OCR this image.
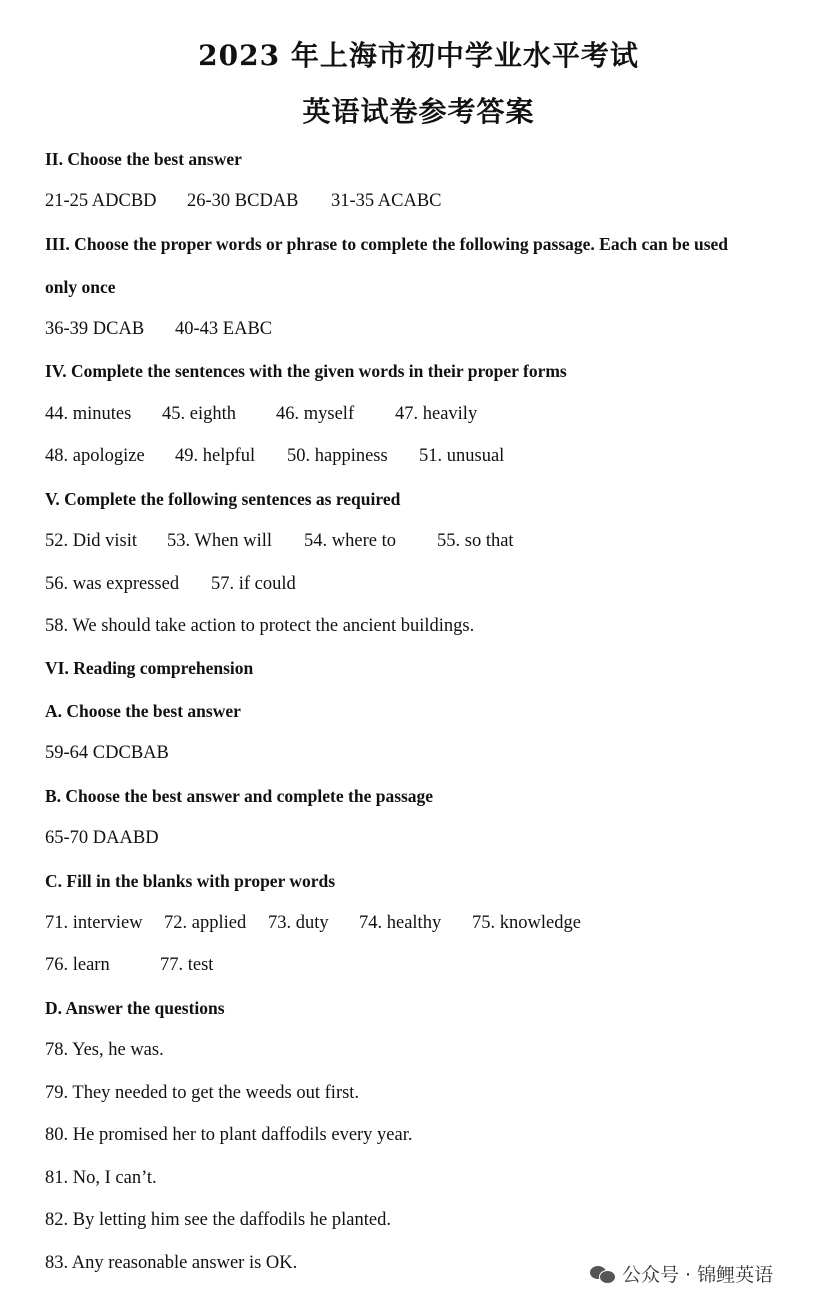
2023 年上海市初中学业水平考试
英语试卷参考答案
II. Choose the best answer
21-25 ADCBD 26-30 BCDAB 31-35 ACABC
III. Choose the proper words or phrase to complete the following passage. Each can be used
only once
36-39 DCAB 40-43 EABC
IV. Complete the sentences with the given words in their proper forms
44. minutes 45. eighth 46. myself 47. heavily
48. apologize 49. helpful 50. happiness 51. unusual
V. Complete the following sentences as required
52. Did visit 53. When will 54. where to 55. so that
56. was expressed 57. if could
58. We should take action to protect the ancient buildings.
VI. Reading comprehension
A. Choose the best answer
59-64 CDCBAB
B. Choose the best answer and complete the passage
65-70 DAABD
C. Fill in the blanks with proper words
71. interview 72. applied 73. duty 74. healthy 75. knowledge
76. learn	77. test
D. Answer the questions
78. Yes, he was.
79. They needed to get the weeds out first.
80. He promised her to plant daffodils every year.
81. No, I can’t.
82. By letting him see the daffodils he planted.
83. Any reasonable answer is OK.
公众号 · 锦鲤英语
